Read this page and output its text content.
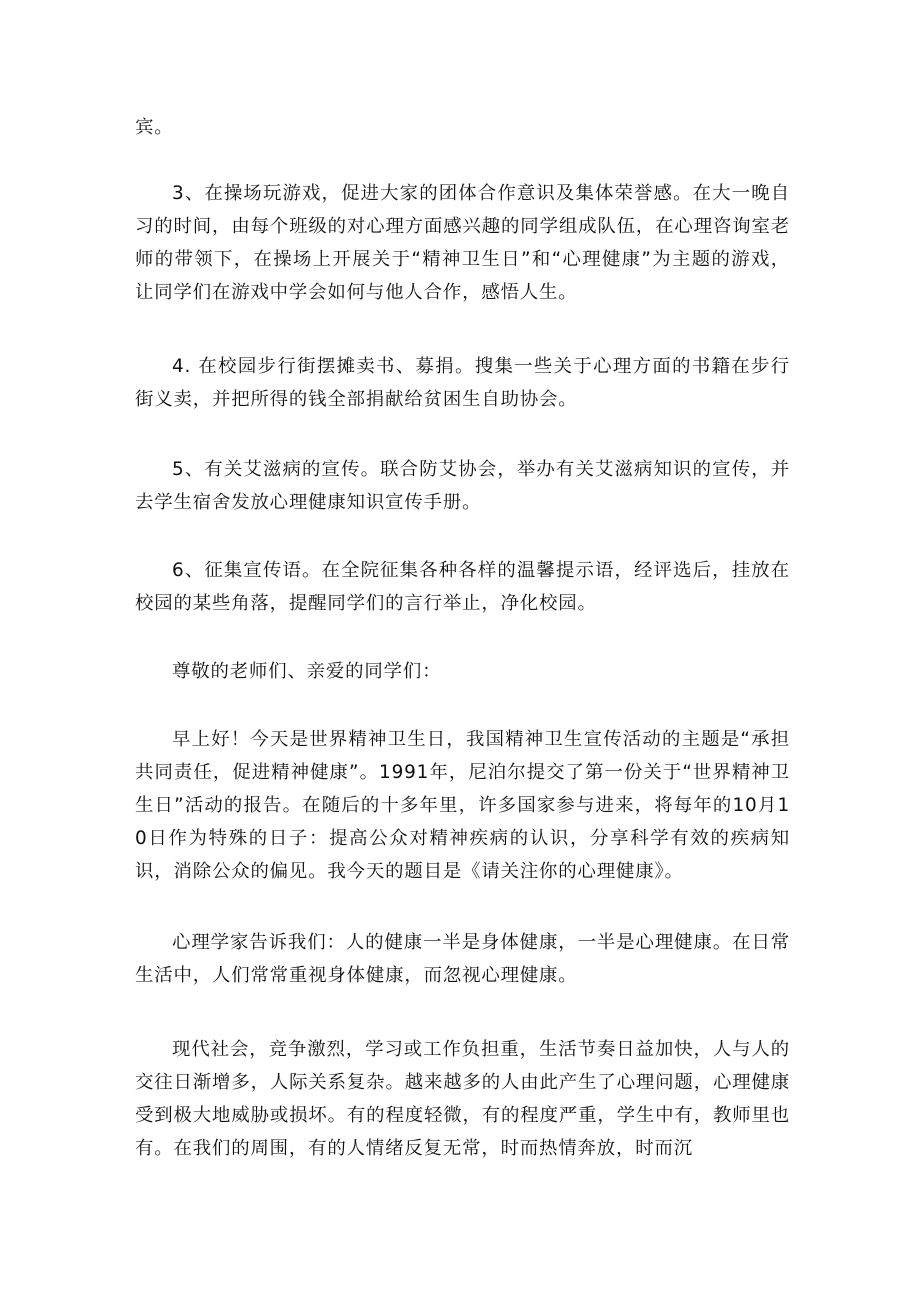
宾。

3、在操场玩游戏，促进大家的团体合作意识及集体荣誉感。在大一晚自习的时间，由每个班级的对心理方面感兴趣的同学组成队伍，在心理咨询室老师的带领下，在操场上开展关于“精神卫生日”和“心理健康”为主题的游戏，让同学们在游戏中学会如何与他人合作，感悟人生。

4. 在校园步行街摆摊卖书、募捐。搜集一些关于心理方面的书籍在步行街义卖，并把所得的钱全部捐献给贫困生自助协会。

5、有关艾滋病的宣传。联合防艾协会，举办有关艾滋病知识的宣传，并去学生宿舍发放心理健康知识宣传手册。

6、征集宣传语。在全院征集各种各样的温馨提示语，经评选后，挂放在校园的某些角落，提醒同学们的言行举止，净化校园。

尊敬的老师们、亲爱的同学们：

早上好！今天是世界精神卫生日，我国精神卫生宣传活动的主题是“承担共同责任，促进精神健康”。1991年，尼泊尔提交了第一份关于“世界精神卫生日”活动的报告。在随后的十多年里，许多国家参与进来，将每年的10月10日作为特殊的日子：提高公众对精神疾病的认识，分享科学有效的疾病知识，消除公众的偏见。我今天的题目是《请关注你的心理健康》。

心理学家告诉我们：人的健康一半是身体健康，一半是心理健康。在日常生活中，人们常常重视身体健康，而忽视心理健康。

现代社会，竞争激烈，学习或工作负担重，生活节奏日益加快，人与人的交往日渐增多，人际关系复杂。越来越多的人由此产生了心理问题，心理健康受到极大地威胁或损坏。有的程度轻微，有的程度严重，学生中有，教师里也有。在我们的周围，有的人情绪反复无常，时而热情奔放，时而沉
